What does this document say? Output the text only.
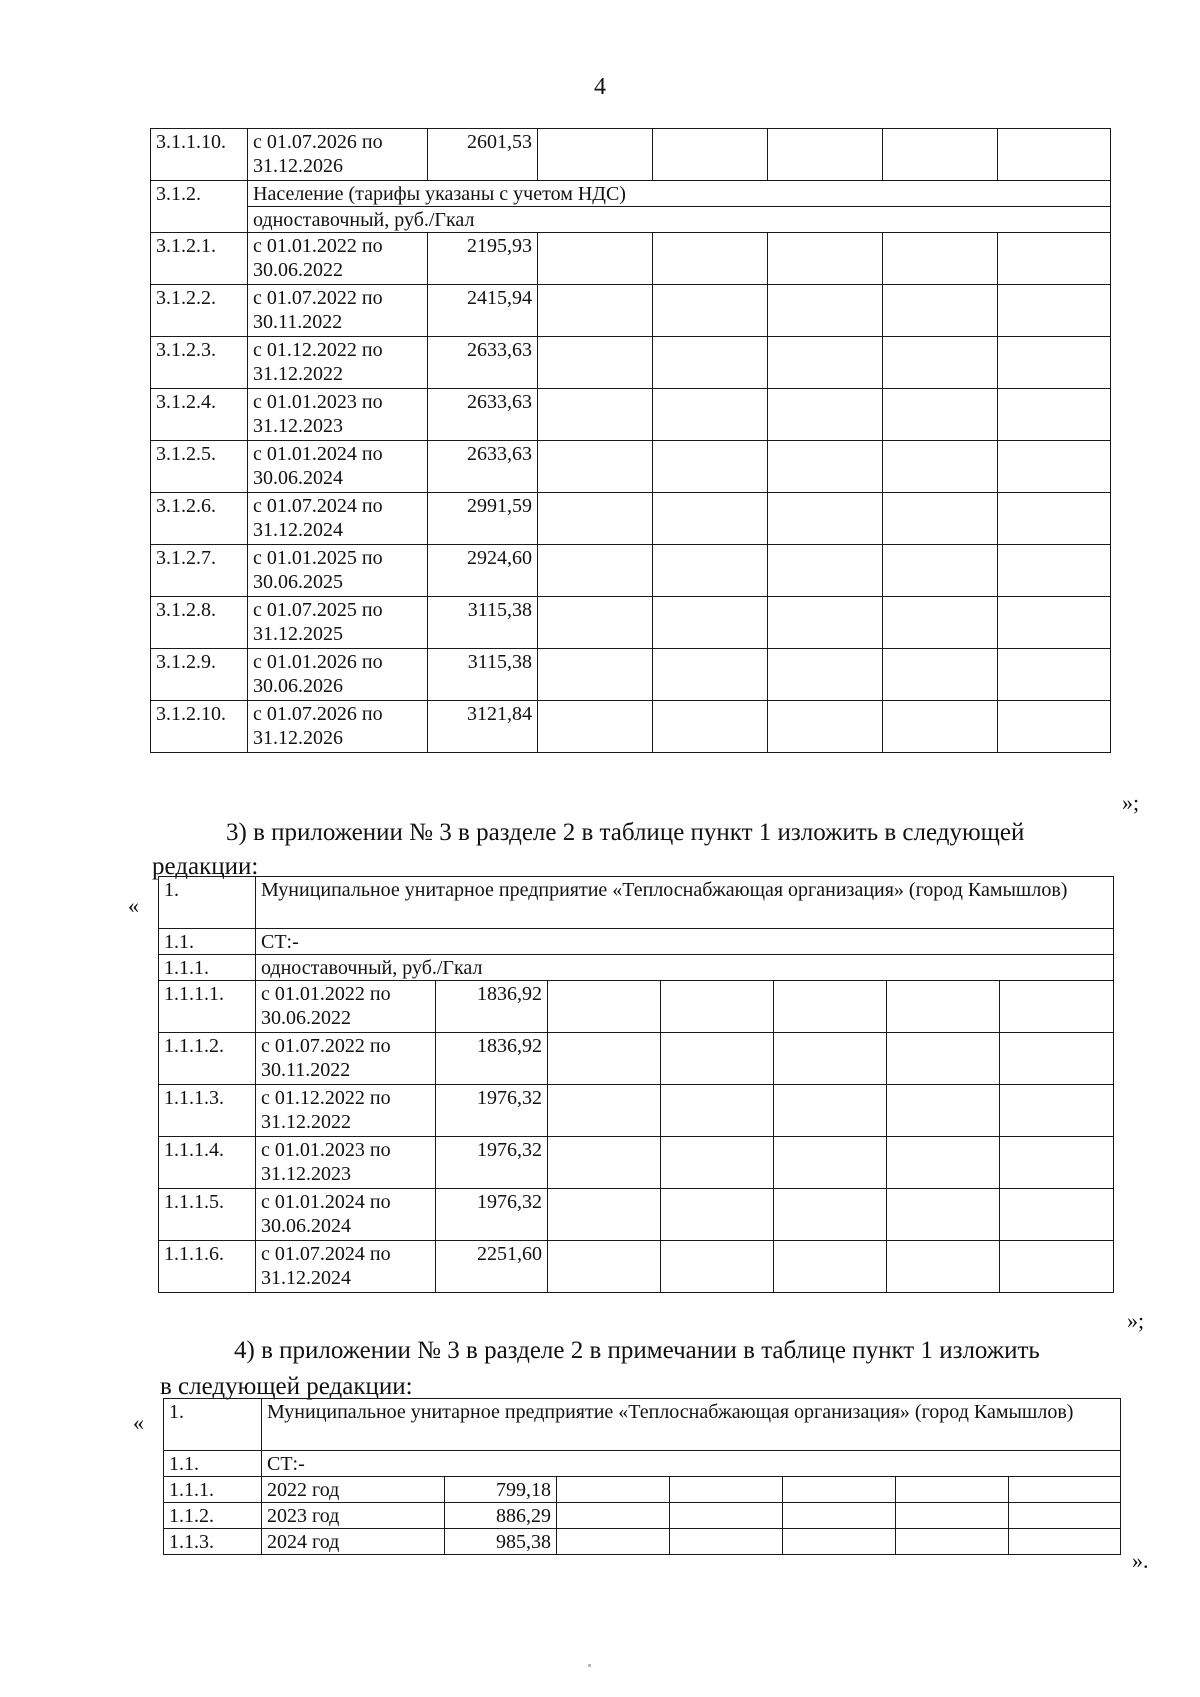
4
3.1.1.10.	с 01.07.2026 по 31.12.2026	2601,53					
3.1.2.	Население (тарифы указаны с учетом НДС)						
	одноставочный, руб./Гкал						
3.1.2.1.	с 01.01.2022 по 30.06.2022	2195,93					
3.1.2.2.	с 01.07.2022 по 30.11.2022	2415,94					
3.1.2.3.	с 01.12.2022 по 31.12.2022	2633,63					
3.1.2.4.	с 01.01.2023 по 31.12.2023	2633,63					
3.1.2.5.	с 01.01.2024 по 30.06.2024	2633,63					
3.1.2.6.	с 01.07.2024 по 31.12.2024	2991,59					
3.1.2.7.	с 01.01.2025 по 30.06.2025	2924,60					
3.1.2.8.	с 01.07.2025 по 31.12.2025	3115,38					
3.1.2.9.	с 01.01.2026 по 30.06.2026	3115,38					
3.1.2.10.	с 01.07.2026 по 31.12.2026	3121,84					
»;
3) в приложении № 3 в разделе 2 в таблице пункт 1 изложить в следующей
редакции:
«
1.	Муниципальное унитарное предприятие «Теплоснабжающая организация» (город Камышлов)						
1.1.	СТ:-						
1.1.1.	одноставочный, руб./Гкал						
1.1.1.1.	с 01.01.2022 по 30.06.2022	1836,92					
1.1.1.2.	с 01.07.2022 по 30.11.2022	1836,92					
1.1.1.3.	с 01.12.2022 по 31.12.2022	1976,32					
1.1.1.4.	с 01.01.2023 по 31.12.2023	1976,32					
1.1.1.5.	с 01.01.2024 по 30.06.2024	1976,32					
1.1.1.6.	с 01.07.2024 по 31.12.2024	2251,60					
»;
4) в приложении № 3 в разделе 2 в примечании в таблице пункт 1 изложить
в следующей редакции:
« 1.	Муниципальное унитарное предприятие «Теплоснабжающая организация» (город Камышлов)						
1.1.	СТ:-						
1.1.1.	2022 год	799,18					
1.1.2.	2023 год	886,29					
1.1.3.	2024 год	985,38					
».
